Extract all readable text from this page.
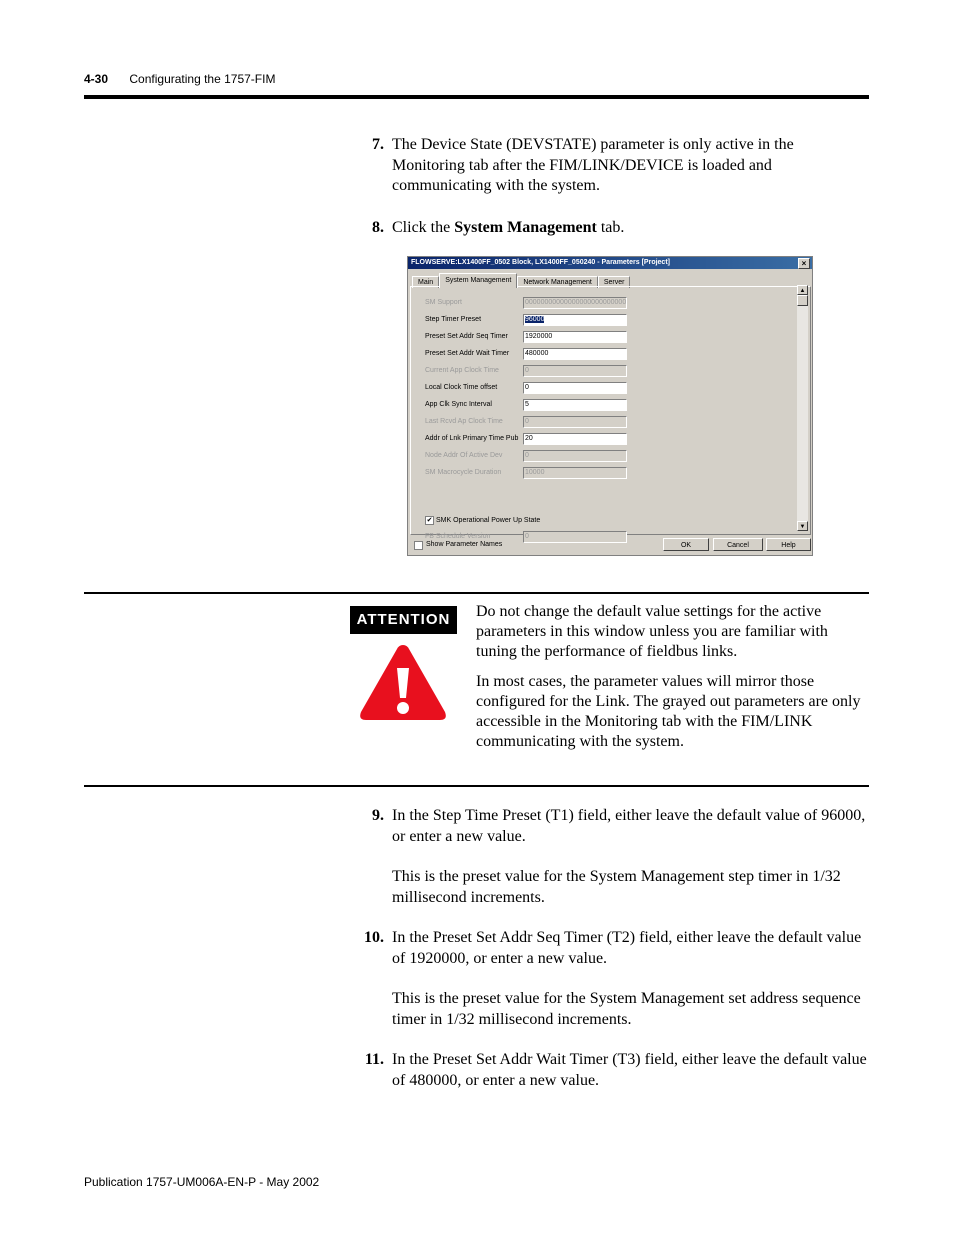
4-30 Configurating the 1757-FIM
7. The Device State (DEVSTATE) parameter is only active in the Monitoring tab after the FIM/LINK/DEVICE is loaded and communicating with the system.

8. Click the System Management tab.

FLOWSERVE:LX1400FF_0502 Block, LX1400FF_050240 - Parameters [Project]	×
Main	System Management	Network Management	Server
SM Support	00000000000000000000000000
Step Timer Preset	96000
Preset Set Addr Seq Timer 1920000
Preset Set Addr Wait Timer 480000
Current App Clock Time	0
Local Clock Time offset	0
App Clk Sync Interval	5
Last Rcvd Ap Clock Time	0
Addr of Lnk Primary Time Pub 20
Node Addr Of Active Dev	0
SM Macrocycle Duration	10000
✔ SMK Operational Power Up State
FB Schedule Version	0
▲
▼
Show Parameter Names	OK	Cancel	Help
ATTENTION	Do not change the default value settings for the active parameters in this window unless you are familiar with tuning the performance of fieldbus links.

In most cases, the parameter values will mirror those configured for the Link. The grayed out parameters are only accessible in the Monitoring tab with the FIM/LINK communicating with the system.

9. In the Step Time Preset (T1) field, either leave the default value of 96000, or enter a new value.

This is the preset value for the System Management step timer in 1/32 millisecond increments.

10. In the Preset Set Addr Seq Timer (T2) field, either leave the default value of 1920000, or enter a new value.

This is the preset value for the System Management set address sequence timer in 1/32 millisecond increments.

11. In the Preset Set Addr Wait Timer (T3) field, either leave the default value of 480000, or enter a new value.

Publication 1757-UM006A-EN-P - May 2002
